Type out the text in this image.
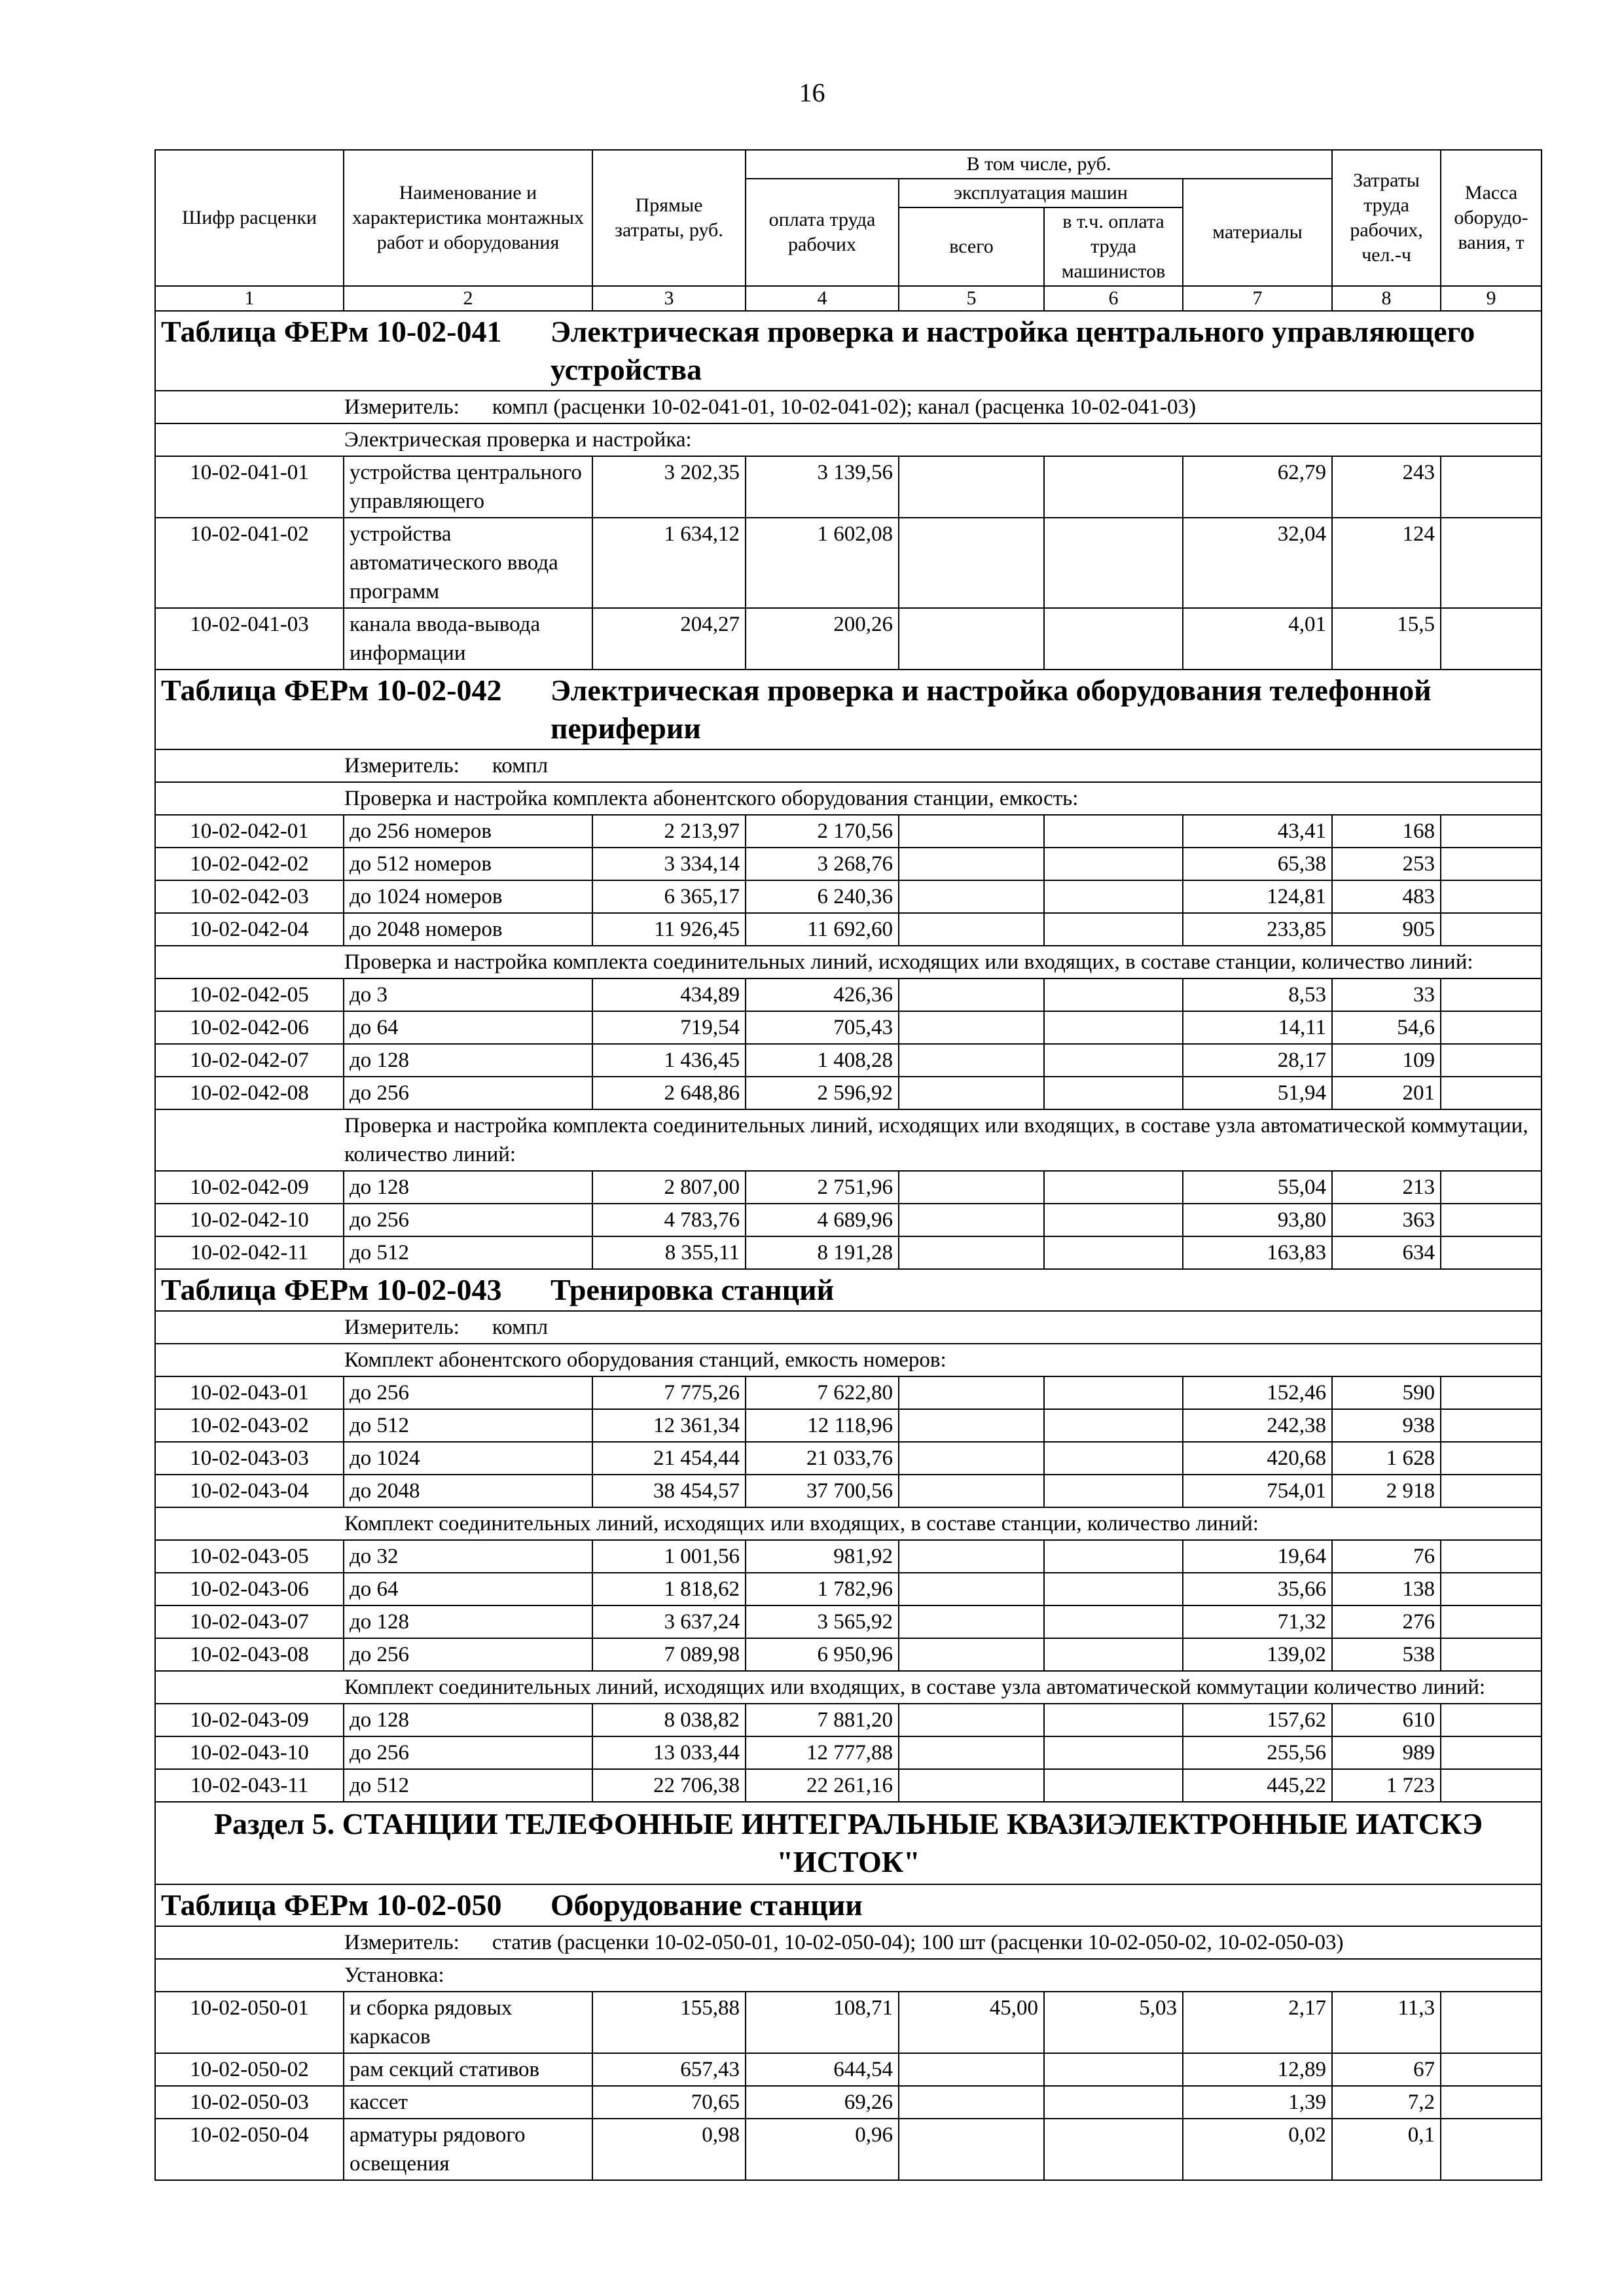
16
Шифр расценки	Наименование и характеристика монтажных работ и оборудования	Прямые затраты, руб.	В том числе, руб.				Затраты труда рабочих, чел.-ч	Масса оборудо-вания, т
			оплата труда рабочих	эксплуатация машин		материалы		
				всего	в т.ч. оплата труда машинистов			
1	2	3	4	5	6	7	8	9
Таблица ФЕРм 10-02-041 Электрическая проверка и настройка центрального управляющего устройства								
Измеритель: компл (расценки 10-02-041-01, 10-02-041-02); канал (расценка 10-02-041-03)								
Электрическая проверка и настройка:								
10-02-041-01	устройства центрального управляющего	3 202,35	3 139,56			62,79	243	
10-02-041-02	устройства автоматического ввода программ	1 634,12	1 602,08			32,04	124	
10-02-041-03	канала ввода-вывода информации	204,27	200,26			4,01	15,5	
Таблица ФЕРм 10-02-042 Электрическая проверка и настройка оборудования телефонной периферии								
Измеритель: компл								
Проверка и настройка комплекта абонентского оборудования станции, емкость:								
10-02-042-01	до 256 номеров	2 213,97	2 170,56			43,41	168	
10-02-042-02	до 512 номеров	3 334,14	3 268,76			65,38	253	
10-02-042-03	до 1024 номеров	6 365,17	6 240,36			124,81	483	
10-02-042-04	до 2048 номеров	11 926,45	11 692,60			233,85	905	
Проверка и настройка комплекта соединительных линий, исходящих или входящих, в составе станции, количество линий:								
10-02-042-05	до 3	434,89	426,36			8,53	33	
10-02-042-06	до 64	719,54	705,43			14,11	54,6	
10-02-042-07	до 128	1 436,45	1 408,28			28,17	109	
10-02-042-08	до 256	2 648,86	2 596,92			51,94	201	
Проверка и настройка комплекта соединительных линий, исходящих или входящих, в составе узла автоматической коммутации, количество линий:								
10-02-042-09	до 128	2 807,00	2 751,96			55,04	213	
10-02-042-10	до 256	4 783,76	4 689,96			93,80	363	
10-02-042-11	до 512	8 355,11	8 191,28			163,83	634	
Таблица ФЕРм 10-02-043 Тренировка станций								
Измеритель: компл								
Комплект абонентского оборудования станций, емкость номеров:								
10-02-043-01	до 256	7 775,26	7 622,80			152,46	590	
10-02-043-02	до 512	12 361,34	12 118,96			242,38	938	
10-02-043-03	до 1024	21 454,44	21 033,76			420,68	1 628	
10-02-043-04	до 2048	38 454,57	37 700,56			754,01	2 918	
Комплект соединительных линий, исходящих или входящих, в составе станции, количество линий:								
10-02-043-05	до 32	1 001,56	981,92			19,64	76	
10-02-043-06	до 64	1 818,62	1 782,96			35,66	138	
10-02-043-07	до 128	3 637,24	3 565,92			71,32	276	
10-02-043-08	до 256	7 089,98	6 950,96			139,02	538	
Комплект соединительных линий, исходящих или входящих, в составе узла автоматической коммутации количество линий:								
10-02-043-09	до 128	8 038,82	7 881,20			157,62	610	
10-02-043-10	до 256	13 033,44	12 777,88			255,56	989	
10-02-043-11	до 512	22 706,38	22 261,16			445,22	1 723	
Раздел 5. СТАНЦИИ ТЕЛЕФОННЫЕ ИНТЕГРАЛЬНЫЕ КВАЗИЭЛЕКТРОННЫЕ ИАТСКЭ "ИСТОК"								
Таблица ФЕРм 10-02-050 Оборудование станции								
Измеритель: статив (расценки 10-02-050-01, 10-02-050-04); 100 шт (расценки 10-02-050-02, 10-02-050-03)								
Установка:								
10-02-050-01	и сборка рядовых каркасов	155,88	108,71	45,00	5,03	2,17	11,3	
10-02-050-02	рам секций стативов	657,43	644,54			12,89	67	
10-02-050-03	кассет	70,65	69,26			1,39	7,2	
10-02-050-04	арматуры рядового освещения	0,98	0,96			0,02	0,1	
